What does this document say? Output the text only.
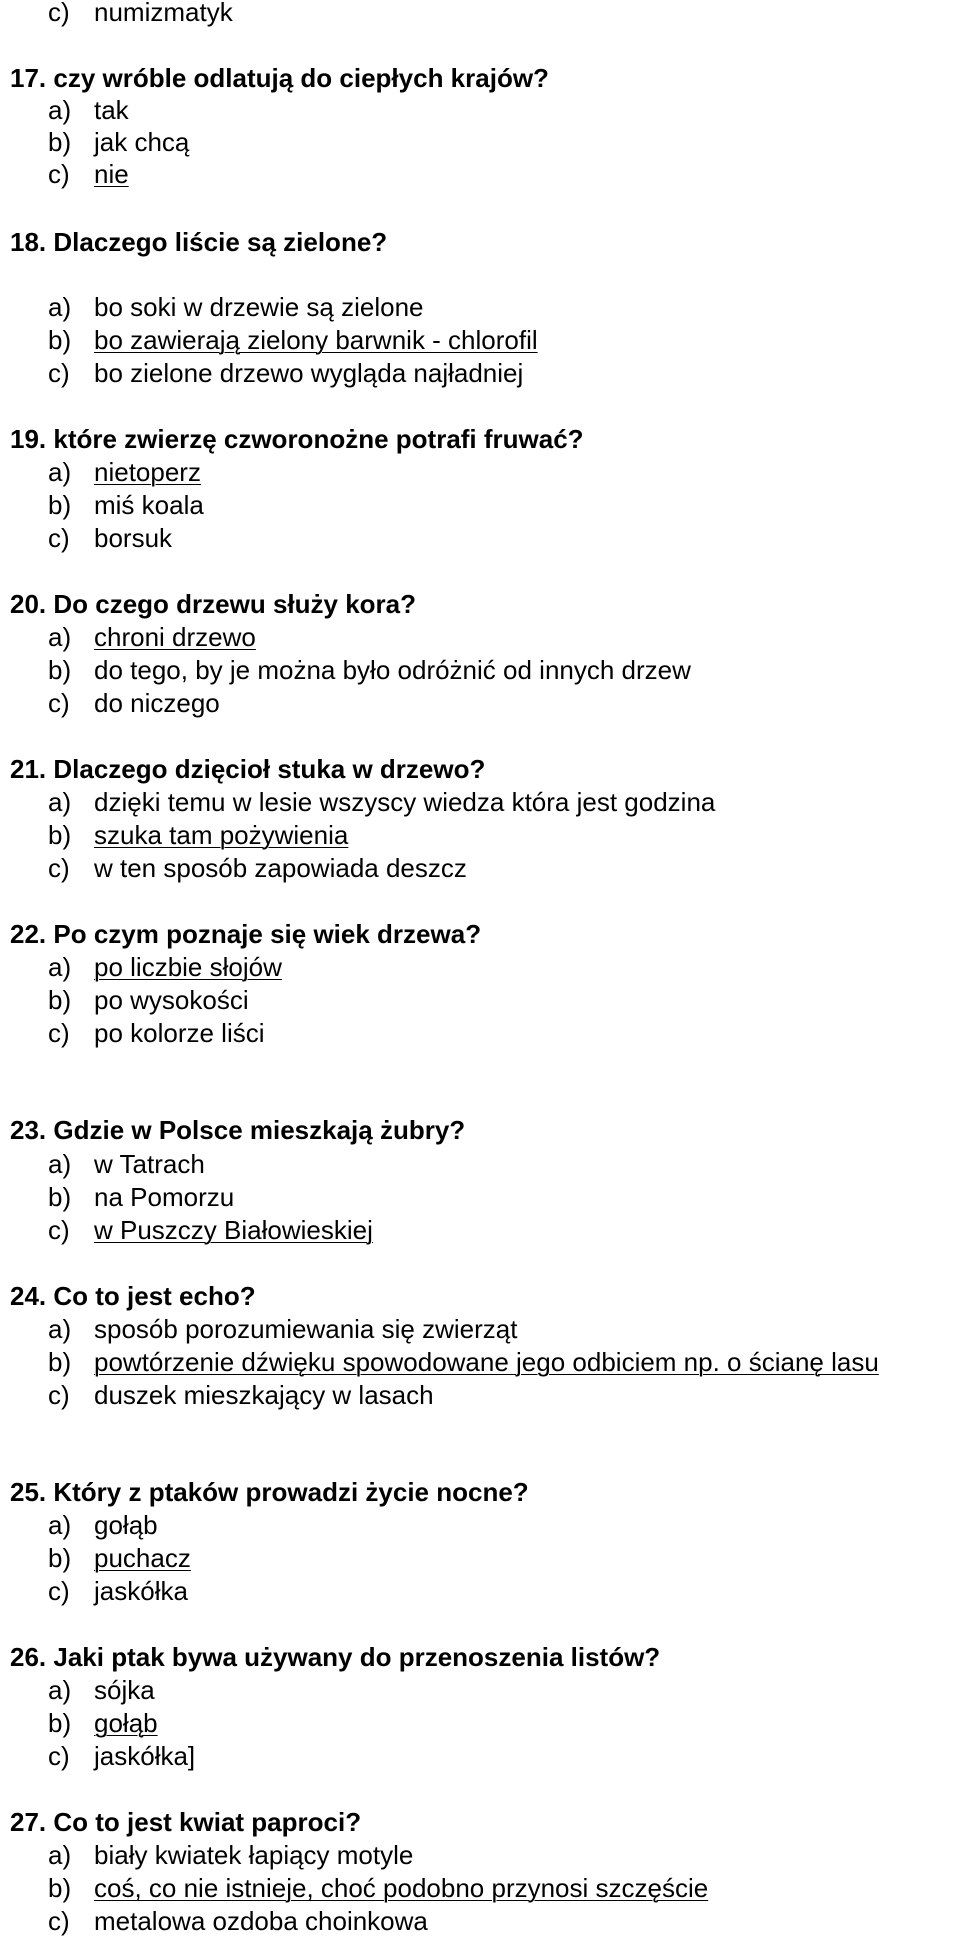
c) numizmatyk
17. czy wróble odlatują do ciepłych krajów?
a) tak
b) jak chcą
c) nie
18. Dlaczego liście są zielone?
a) bo soki w drzewie są zielone
b) bo zawierają zielony barwnik - chlorofil
c) bo zielone drzewo wygląda najładniej
19. które zwierzę czworonożne potrafi fruwać?
a) nietoperz
b) miś koala
c) borsuk
20. Do czego drzewu służy kora?
a) chroni drzewo
b) do tego, by je można było odróżnić od innych drzew
c) do niczego
21. Dlaczego dzięcioł stuka w drzewo?
a) dzięki temu w lesie wszyscy wiedza która jest godzina
b) szuka tam pożywienia
c) w ten sposób zapowiada deszcz
22. Po czym poznaje się wiek drzewa?
a) po liczbie słojów
b) po wysokości
c) po kolorze liści
23. Gdzie w Polsce mieszkają żubry?
a) w Tatrach
b) na Pomorzu
c) w Puszczy Białowieskiej
24. Co to jest echo?
a) sposób porozumiewania się zwierząt
b) powtórzenie dźwięku spowodowane jego odbiciem np. o ścianę lasu
c) duszek mieszkający w lasach
25. Który z ptaków prowadzi życie nocne?
a) gołąb
b) puchacz
c) jaskółka
26. Jaki ptak bywa używany do przenoszenia listów?
a) sójka
b) gołąb
c) jaskółka]
27. Co to jest kwiat paproci?
a) biały kwiatek łapiący motyle
b) coś, co nie istnieje, choć podobno przynosi szczęście
c) metalowa ozdoba choinkowa
